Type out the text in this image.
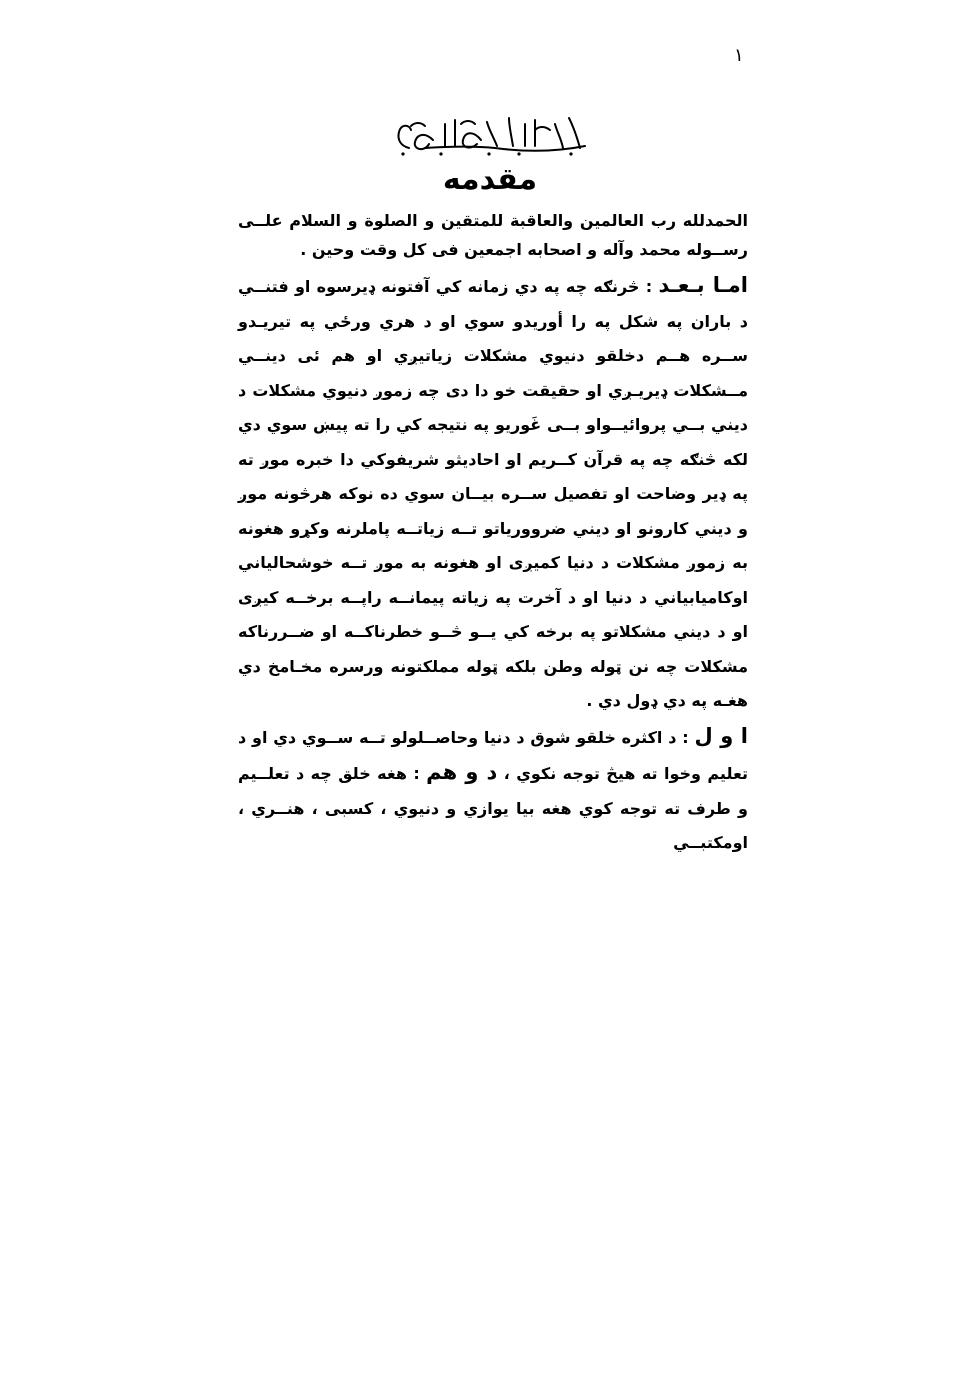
١
مقدمه

الحمدلله رب العالمين والعاقبة للمتقين و الصلوة و السلام علــى رســوله محمد وآله و اصحابه اجمعين فی کل وقت وحين .

امـا بـعـد : څرنګه چه په دي زمانه کي آفتونه ډيرسوه او فتنــي د باران په شکل په را أوريدو سوي او د هري ورځي په تيريـدو ســره هــم دخلقو دنيوي مشکلات زياتيږي او هم ئی دينــي مــشکلات ډيريـږي او حقيقت خو دا دی چه زموږ دنيوي مشکلات د ديني بــي پروائيــواو بــی غَوريو په نتيجه کي را ته پيښ سوي دي لکه څنګه چه په قرآن کــريم او احاديثو شريفوکي دا خبره موږ ته په ډير وضاحت او تفصيل ســره بيــان سوي ده نوکه هرڅونه موږ و ديني کارونو او ديني ضروورياتو تــه زياتــه پاملرنه وکړو هغونه به زموږ مشکلات د دنيا کميږی او هغونه به موږ تــه خوشحالياني اوکاميابياني د دنيا او د آخرت په زياته پيمانــه راپــه برخــه کيږی او د ديني مشکلاتو په برخه کي يــو څــو خطرناکــه او ضــررناکه مشکلات چه نن ټوله وطن بلکه ټوله مملکتونه ورسره مخـامخ دي هغـه په دي ډول دي .

ا و ل : د اکثره خلقو شوق د دنيا وحاصــلولو تــه ســوي دي او د تعليم وخوا ته هيڅ توجه نکوي ، د و هم : هغه خلق چه د تعلــيم و طرف ته توجه کوي هغه بيا يوازي و دنيوي ، کسبی ، هنــري ، اومکتبــي
